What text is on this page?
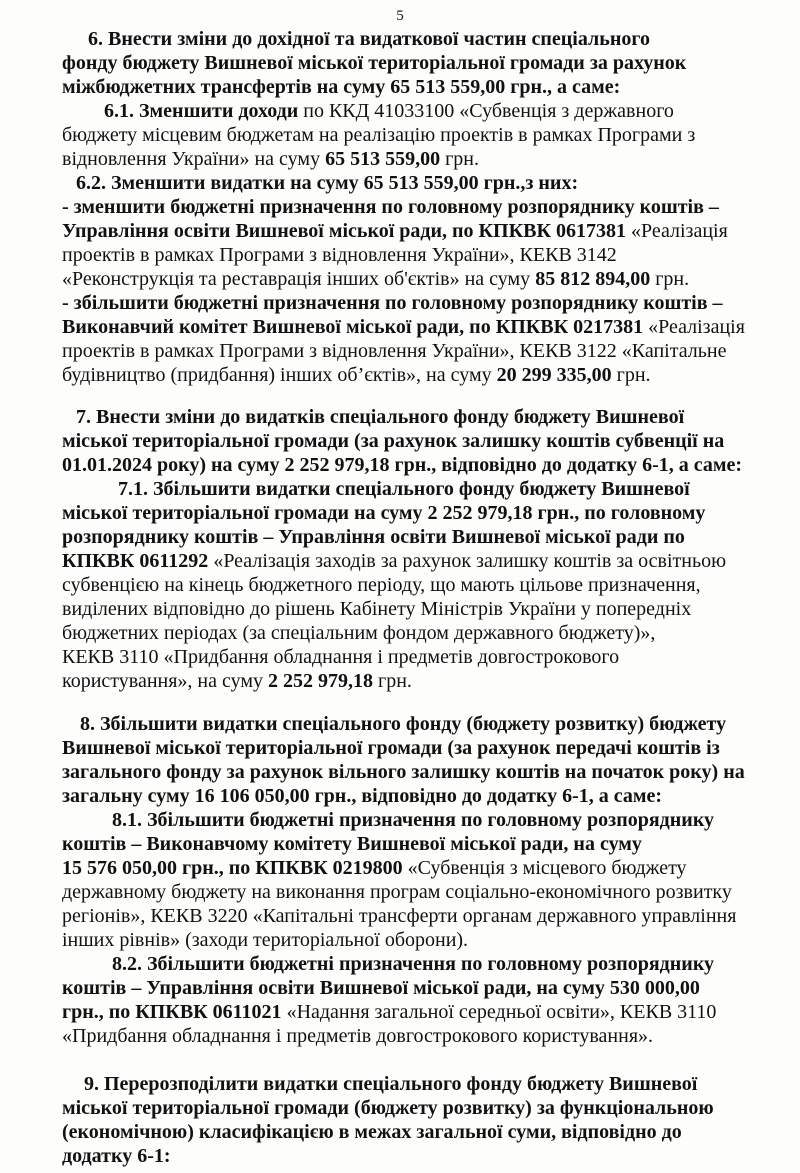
5
6. Внести зміни до дохідної та видаткової частин спеціального
фонду бюджету Вишневої міської територіальної громади за рахунок
міжбюджетних трансфертів на суму 65 513 559,00 грн., а саме:
6.1. Зменшити доходи по ККД 41033100 «Субвенція з державного
бюджету місцевим бюджетам на реалізацію проектів в рамках Програми з
відновлення України» на суму 65 513 559,00 грн.
6.2. Зменшити видатки на суму 65 513 559,00 грн.,з них:
- зменшити бюджетні призначення по головному розпоряднику коштів –
Управління освіти Вишневої міської ради, по КПКВК 0617381 «Реалізація
проектів в рамках Програми з відновлення України», КЕКВ 3142
«Реконструкція та реставрація інших об'єктів» на суму 85 812 894,00 грн.
- збільшити бюджетні призначення по головному розпоряднику коштів –
Виконавчий комітет Вишневої міської ради, по КПКВК 0217381 «Реалізація
проектів в рамках Програми з відновлення України», КЕКВ 3122 «Капітальне
будівництво (придбання) інших об’єктів», на суму 20 299 335,00 грн.
7. Внести зміни до видатків спеціального фонду бюджету Вишневої
міської територіальної громади (за рахунок залишку коштів субвенції на
01.01.2024 року) на суму 2 252 979,18 грн., відповідно до додатку 6-1, а саме:
7.1. Збільшити видатки спеціального фонду бюджету Вишневої
міської територіальної громади на суму 2 252 979,18 грн., по головному
розпоряднику коштів – Управління освіти Вишневої міської ради по
КПКВК 0611292 «Реалізація заходів за рахунок залишку коштів за освітньою
субвенцією на кінець бюджетного періоду, що мають цільове призначення,
виділених відповідно до рішень Кабінету Міністрів України у попередніх
бюджетних періодах (за спеціальним фондом державного бюджету)»,
КЕКВ 3110 «Придбання обладнання і предметів довгострокового
користування», на суму 2 252 979,18 грн.
8. Збільшити видатки спеціального фонду (бюджету розвитку) бюджету
Вишневої міської територіальної громади (за рахунок передачі коштів із
загального фонду за рахунок вільного залишку коштів на початок року) на
загальну суму 16 106 050,00 грн., відповідно до додатку 6-1, а саме:
8.1. Збільшити бюджетні призначення по головному розпоряднику
коштів – Виконавчому комітету Вишневої міської ради, на суму
15 576 050,00 грн., по КПКВК 0219800 «Субвенція з місцевого бюджету
державному бюджету на виконання програм соціально-економічного розвитку
регіонів», КЕКВ 3220 «Капітальні трансферти органам державного управління
інших рівнів» (заходи територіальної оборони).
8.2. Збільшити бюджетні призначення по головному розпоряднику
коштів – Управління освіти Вишневої міської ради, на суму 530 000,00
грн., по КПКВК 0611021 «Надання загальної середньої освіти», КЕКВ 3110
«Придбання обладнання і предметів довгострокового користування».
9. Перерозподілити видатки спеціального фонду бюджету Вишневої
міської територіальної громади (бюджету розвитку) за функціональною
(економічною) класифікацією в межах загальної суми, відповідно до
додатку 6-1:
